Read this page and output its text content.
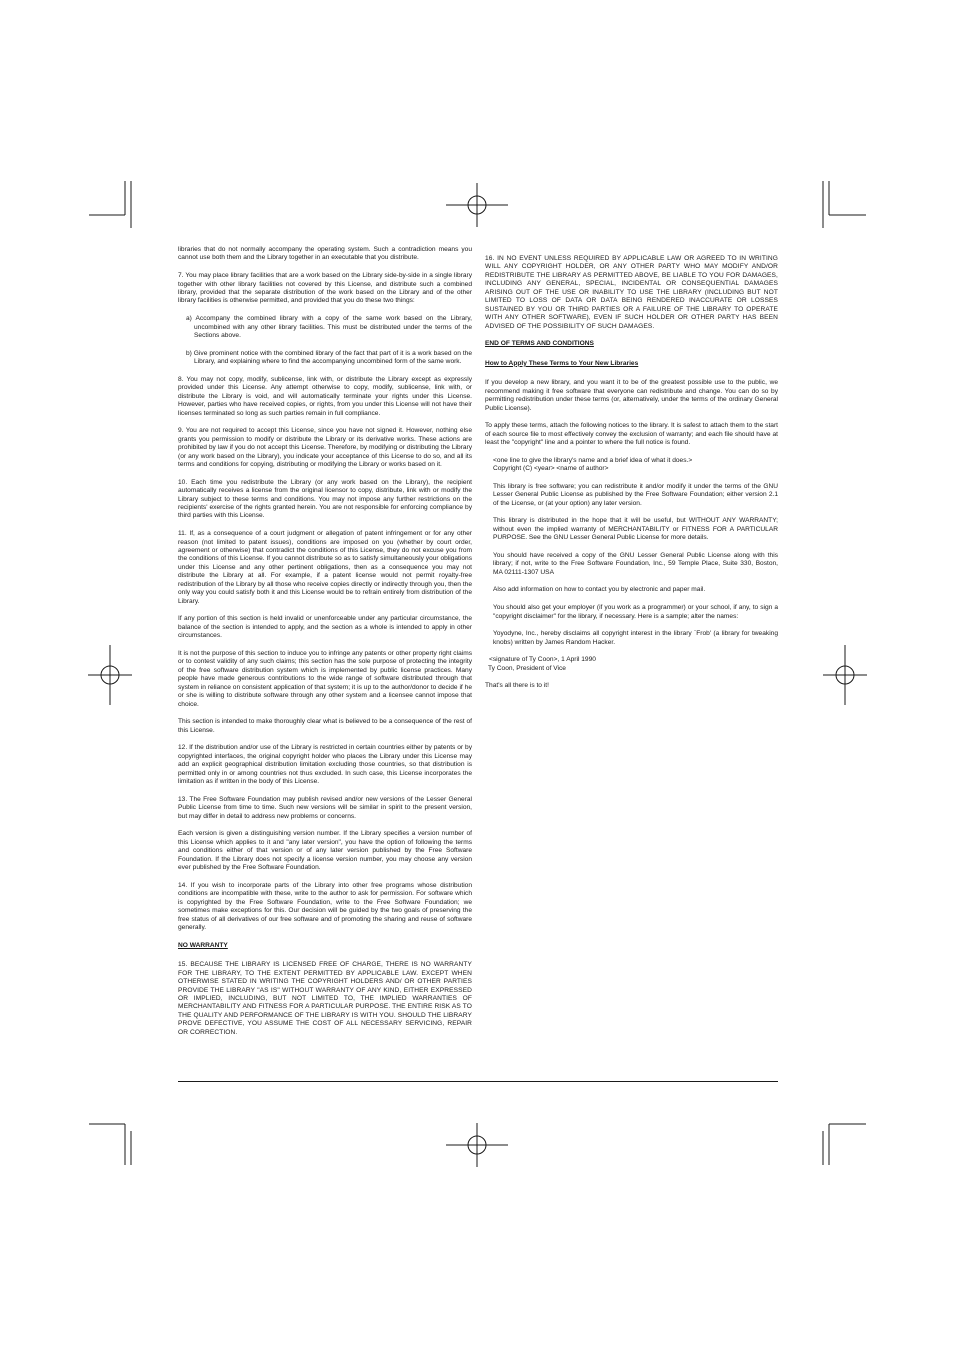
libraries that do not normally accompany the operating system. Such a contradiction means you cannot use both them and the Library together in an executable that you distribute.

7. You may place library facilities that are a work based on the Library side-by-side in a single library together with other library facilities not covered by this License, and distribute such a combined library, provided that the separate distribution of the work based on the Library and of the other library facilities is otherwise permitted, and provided that you do these two things:

a) Accompany the combined library with a copy of the same work based on the Library, uncombined with any other library facilities. This must be distributed under the terms of the Sections above.

b) Give prominent notice with the combined library of the fact that part of it is a work based on the Library, and explaining where to find the accompanying uncombined form of the same work.

8. You may not copy, modify, sublicense, link with, or distribute the Library except as expressly provided under this License. Any attempt otherwise to copy, modify, sublicense, link with, or distribute the Library is void, and will automatically terminate your rights under this License. However, parties who have received copies, or rights, from you under this License will not have their licenses terminated so long as such parties remain in full compliance.

9. You are not required to accept this License, since you have not signed it. However, nothing else grants you permission to modify or distribute the Library or its derivative works. These actions are prohibited by law if you do not accept this License. Therefore, by modifying or distributing the Library (or any work based on the Library), you indicate your acceptance of this License to do so, and all its terms and conditions for copying, distributing or modifying the Library or works based on it.

10. Each time you redistribute the Library (or any work based on the Library), the recipient automatically receives a license from the original licensor to copy, distribute, link with or modify the Library subject to these terms and conditions. You may not impose any further restrictions on the recipients' exercise of the rights granted herein. You are not responsible for enforcing compliance by third parties with this License.

11. If, as a consequence of a court judgment or allegation of patent infringement or for any other reason (not limited to patent issues), conditions are imposed on you (whether by court order, agreement or otherwise) that contradict the conditions of this License, they do not excuse you from the conditions of this License. If you cannot distribute so as to satisfy simultaneously your obligations under this License and any other pertinent obligations, then as a consequence you may not distribute the Library at all. For example, if a patent license would not permit royalty-free redistribution of the Library by all those who receive copies directly or indirectly through you, then the only way you could satisfy both it and this License would be to refrain entirely from distribution of the Library.

If any portion of this section is held invalid or unenforceable under any particular circumstance, the balance of the section is intended to apply, and the section as a whole is intended to apply in other circumstances.

It is not the purpose of this section to induce you to infringe any patents or other property right claims or to contest validity of any such claims; this section has the sole purpose of protecting the integrity of the free software distribution system which is implemented by public license practices. Many people have made generous contributions to the wide range of software distributed through that system in reliance on consistent application of that system; it is up to the author/donor to decide if he or she is willing to distribute software through any other system and a licensee cannot impose that choice.

This section is intended to make thoroughly clear what is believed to be a consequence of the rest of this License.

12. If the distribution and/or use of the Library is restricted in certain countries either by patents or by copyrighted interfaces, the original copyright holder who places the Library under this License may add an explicit geographical distribution limitation excluding those countries, so that distribution is permitted only in or among countries not thus excluded. In such case, this License incorporates the limitation as if written in the body of this License.

13. The Free Software Foundation may publish revised and/or new versions of the Lesser General Public License from time to time. Such new versions will be similar in spirit to the present version, but may differ in detail to address new problems or concerns.

Each version is given a distinguishing version number. If the Library specifies a version number of this License which applies to it and "any later version", you have the option of following the terms and conditions either of that version or of any later version published by the Free Software Foundation. If the Library does not specify a license version number, you may choose any version ever published by the Free Software Foundation.

14. If you wish to incorporate parts of the Library into other free programs whose distribution conditions are incompatible with these, write to the author to ask for permission. For software which is copyrighted by the Free Software Foundation, write to the Free Software Foundation; we sometimes make exceptions for this. Our decision will be guided by the two goals of preserving the free status of all derivatives of our free software and of promoting the sharing and reuse of software generally.

NO WARRANTY

15. BECAUSE THE LIBRARY IS LICENSED FREE OF CHARGE, THERE IS NO WARRANTY FOR THE LIBRARY, TO THE EXTENT PERMITTED BY APPLICABLE LAW. EXCEPT WHEN OTHERWISE STATED IN WRITING THE COPYRIGHT HOLDERS AND/ OR OTHER PARTIES PROVIDE THE LIBRARY "AS IS" WITHOUT WARRANTY OF ANY KIND, EITHER EXPRESSED OR IMPLIED, INCLUDING, BUT NOT LIMITED TO, THE IMPLIED WARRANTIES OF MERCHANTABILITY AND FITNESS FOR A PARTICULAR PURPOSE. THE ENTIRE RISK AS TO THE QUALITY AND PERFORMANCE OF THE LIBRARY IS WITH YOU. SHOULD THE LIBRARY PROVE DEFECTIVE, YOU ASSUME THE COST OF ALL NECESSARY SERVICING, REPAIR OR CORRECTION.

16. IN NO EVENT UNLESS REQUIRED BY APPLICABLE LAW OR AGREED TO IN WRITING WILL ANY COPYRIGHT HOLDER, OR ANY OTHER PARTY WHO MAY MODIFY AND/OR REDISTRIBUTE THE LIBRARY AS PERMITTED ABOVE, BE LIABLE TO YOU FOR DAMAGES, INCLUDING ANY GENERAL, SPECIAL, INCIDENTAL OR CONSEQUENTIAL DAMAGES ARISING OUT OF THE USE OR INABILITY TO USE THE LIBRARY (INCLUDING BUT NOT LIMITED TO LOSS OF DATA OR DATA BEING RENDERED INACCURATE OR LOSSES SUSTAINED BY YOU OR THIRD PARTIES OR A FAILURE OF THE LIBRARY TO OPERATE WITH ANY OTHER SOFTWARE), EVEN IF SUCH HOLDER OR OTHER PARTY HAS BEEN ADVISED OF THE POSSIBILITY OF SUCH DAMAGES.

END OF TERMS AND CONDITIONS

How to Apply These Terms to Your New Libraries

If you develop a new library, and you want it to be of the greatest possible use to the public, we recommend making it free software that everyone can redistribute and change. You can do so by permitting redistribution under these terms (or, alternatively, under the terms of the ordinary General Public License).

To apply these terms, attach the following notices to the library. It is safest to attach them to the start of each source file to most effectively convey the exclusion of warranty; and each file should have at least the "copyright" line and a pointer to where the full notice is found.

<one line to give the library's name and a brief idea of what it does.>
Copyright (C) <year> <name of author>

This library is free software; you can redistribute it and/or modify it under the terms of the GNU Lesser General Public License as published by the Free Software Foundation; either version 2.1 of the License, or (at your option) any later version.

This library is distributed in the hope that it will be useful, but WITHOUT ANY WARRANTY; without even the implied warranty of MERCHANTABILITY or FITNESS FOR A PARTICULAR PURPOSE. See the GNU Lesser General Public License for more details.

You should have received a copy of the GNU Lesser General Public License along with this library; if not, write to the Free Software Foundation, Inc., 59 Temple Place, Suite 330, Boston, MA 02111-1307 USA

Also add information on how to contact you by electronic and paper mail.

You should also get your employer (if you work as a programmer) or your school, if any, to sign a "copyright disclaimer" for the library, if necessary. Here is a sample; alter the names:

Yoyodyne, Inc., hereby disclaims all copyright interest in the library `Frob' (a library for tweaking knobs) written by James Random Hacker.

<signature of Ty Coon>, 1 April 1990

Ty Coon, President of Vice

That's all there is to it!
